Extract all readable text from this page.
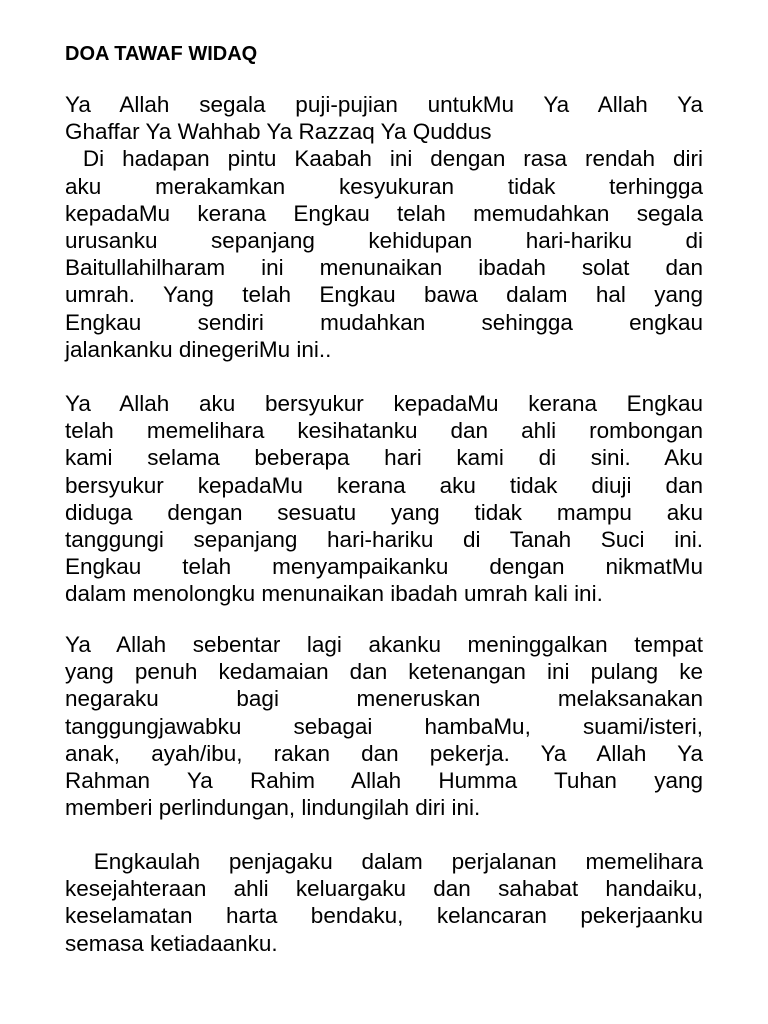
DOA TAWAF WIDAQ
Ya Allah segala puji-pujian untukMu Ya Allah Ya
Ghaffar Ya Wahhab Ya Razzaq Ya Quddus
Di hadapan pintu Kaabah ini dengan rasa rendah diri
aku merakamkan kesyukuran tidak terhingga
kepadaMu kerana Engkau telah memudahkan segala
urusanku sepanjang kehidupan hari-hariku di
Baitullahilharam ini menunaikan ibadah solat dan
umrah. Yang telah Engkau bawa dalam hal yang
Engkau sendiri mudahkan sehingga engkau
jalankanku dinegeriMu ini..
Ya Allah aku bersyukur kepadaMu kerana Engkau
telah memelihara kesihatanku dan ahli rombongan
kami selama beberapa hari kami di sini. Aku
bersyukur kepadaMu kerana aku tidak diuji dan
diduga dengan sesuatu yang tidak mampu aku
tanggungi sepanjang hari-hariku di Tanah Suci ini.
Engkau telah menyampaikanku dengan nikmatMu
dalam menolongku menunaikan ibadah umrah kali ini.
Ya Allah sebentar lagi akanku meninggalkan tempat
yang penuh kedamaian dan ketenangan ini pulang ke
negaraku bagi meneruskan melaksanakan
tanggungjawabku sebagai hambaMu, suami/isteri,
anak, ayah/ibu, rakan dan pekerja. Ya Allah Ya
Rahman Ya Rahim Allah Humma Tuhan yang
memberi perlindungan, lindungilah diri ini.
Engkaulah penjagaku dalam perjalanan memelihara
kesejahteraan ahli keluargaku dan sahabat handaiku,
keselamatan harta bendaku, kelancaran pekerjaanku
semasa ketiadaanku.
